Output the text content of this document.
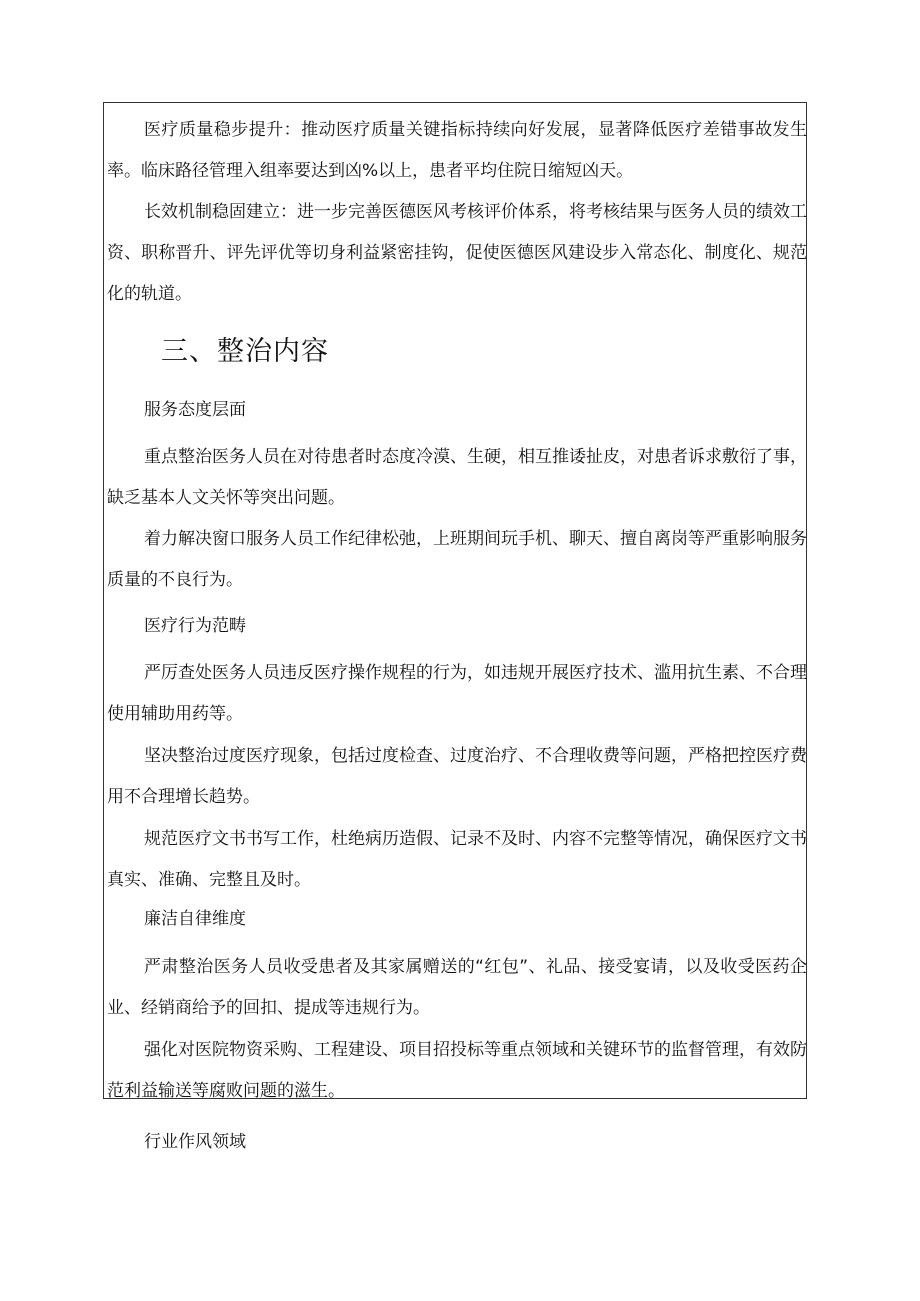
医疗质量稳步提升：推动医疗质量关键指标持续向好发展，显著降低医疗差错事故发生率。临床路径管理入组率要达到凶%以上，患者平均住院日缩短凶天。

长效机制稳固建立：进一步完善医德医风考核评价体系，将考核结果与医务人员的绩效工资、职称晋升、评先评优等切身利益紧密挂钩，促使医德医风建设步入常态化、制度化、规范化的轨道。

三、整治内容

服务态度层面

重点整治医务人员在对待患者时态度冷漠、生硬，相互推诿扯皮，对患者诉求敷衍了事，缺乏基本人文关怀等突出问题。

着力解决窗口服务人员工作纪律松弛，上班期间玩手机、聊天、擅自离岗等严重影响服务质量的不良行为。

医疗行为范畴

严厉查处医务人员违反医疗操作规程的行为，如违规开展医疗技术、滥用抗生素、不合理使用辅助用药等。

坚决整治过度医疗现象，包括过度检查、过度治疗、不合理收费等问题，严格把控医疗费用不合理增长趋势。

规范医疗文书书写工作，杜绝病历造假、记录不及时、内容不完整等情况，确保医疗文书真实、准确、完整且及时。

廉洁自律维度

严肃整治医务人员收受患者及其家属赠送的“红包”、礼品、接受宴请，以及收受医药企业、经销商给予的回扣、提成等违规行为。

强化对医院物资采购、工程建设、项目招投标等重点领域和关键环节的监督管理，有效防范利益输送等腐败问题的滋生。

行业作风领域
